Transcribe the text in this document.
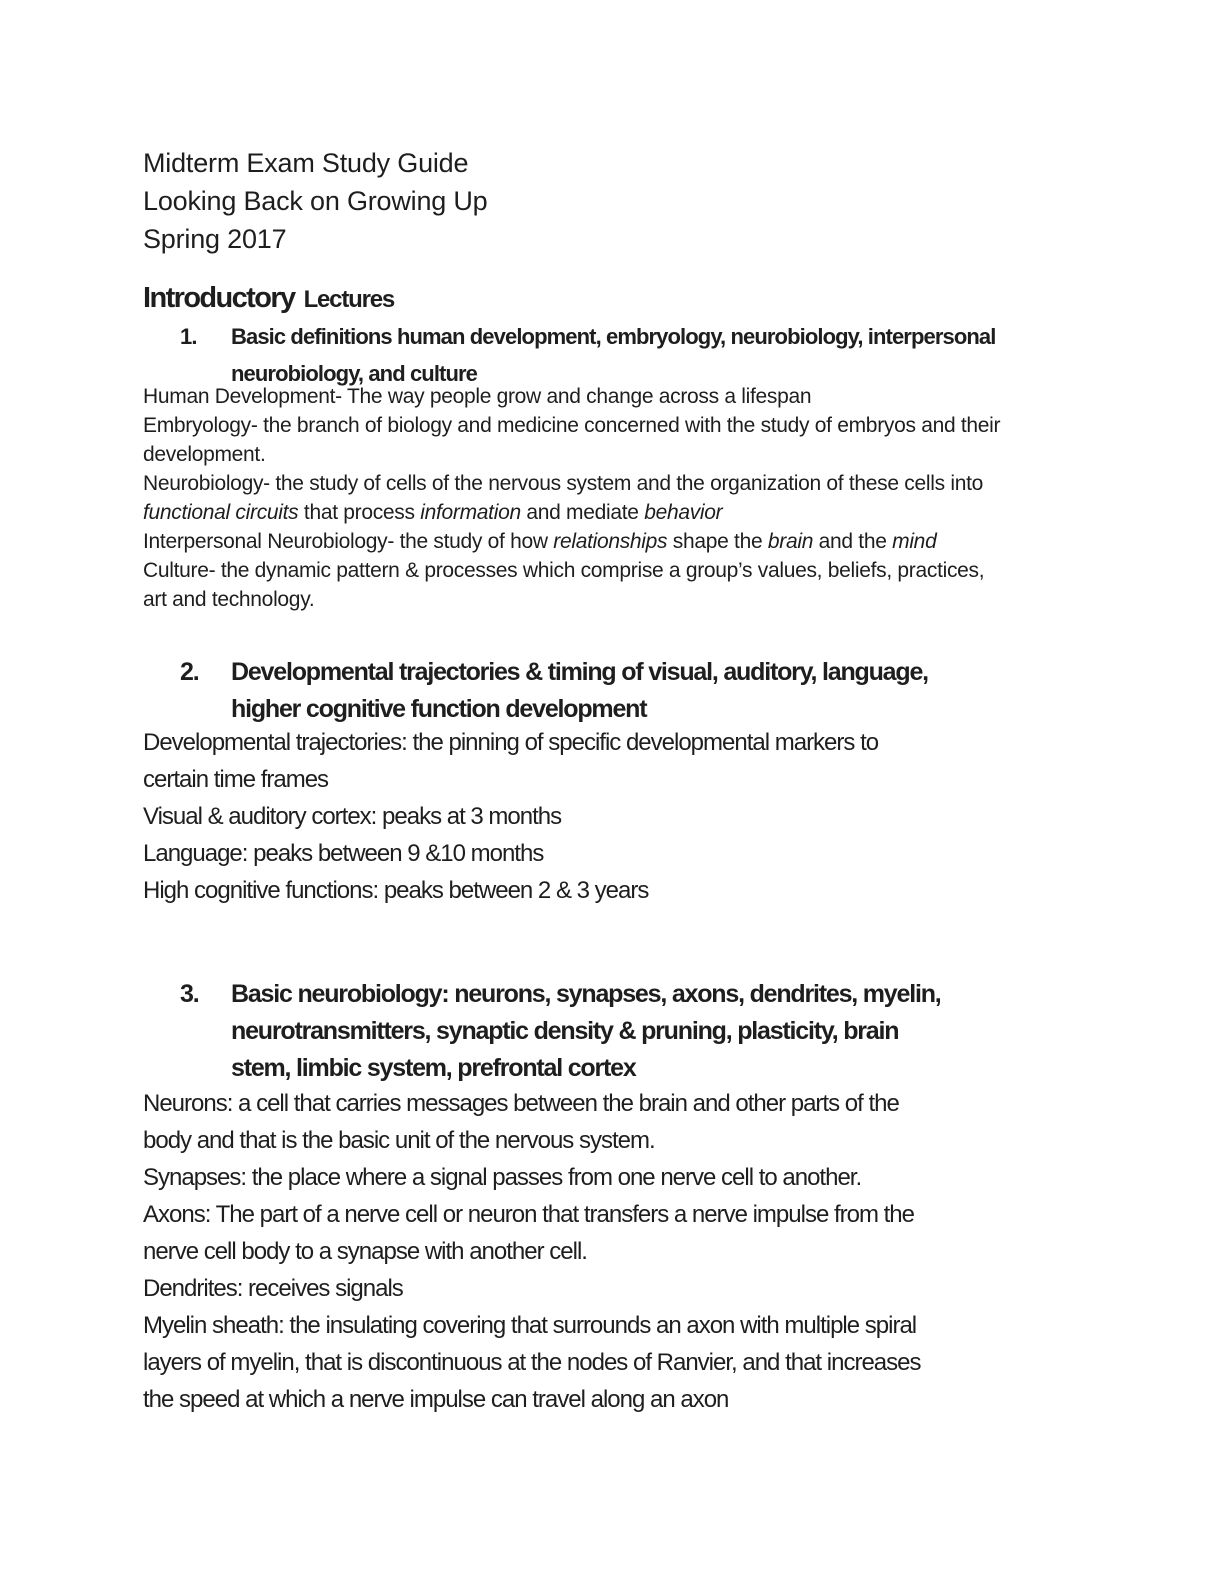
Midterm Exam Study Guide
Looking Back on Growing Up
Spring 2017
Introductory Lectures
1. Basic definitions human development, embryology, neurobiology, interpersonal
neurobiology, and culture
Human Development- The way people grow and change across a lifespan
Embryology- the branch of biology and medicine concerned with the study of embryos and their
development.
Neurobiology- the study of cells of the nervous system and the organization of these cells into
functional circuits that process information and mediate behavior
Interpersonal Neurobiology- the study of how relationships shape the brain and the mind
Culture- the dynamic pattern & processes which comprise a group’s values, beliefs, practices,
art and technology.
2. Developmental trajectories & timing of visual, auditory, language,
higher cognitive function development
Developmental trajectories: the pinning of specific developmental markers to
certain time frames
Visual & auditory cortex: peaks at 3 months
Language: peaks between 9 &10 months
High cognitive functions: peaks between 2 & 3 years
3. Basic neurobiology: neurons, synapses, axons, dendrites, myelin,
neurotransmitters, synaptic density & pruning, plasticity, brain
stem, limbic system, prefrontal cortex
Neurons: a cell that carries messages between the brain and other parts of the
body and that is the basic unit of the nervous system.
Synapses: the place where a signal passes from one nerve cell to another.
Axons: The part of a nerve cell or neuron that transfers a nerve impulse from the
nerve cell body to a synapse with another cell.
Dendrites: receives signals
Myelin sheath: the insulating covering that surrounds an axon with multiple spiral
layers of myelin, that is discontinuous at the nodes of Ranvier, and that increases
the speed at which a nerve impulse can travel along an axon
